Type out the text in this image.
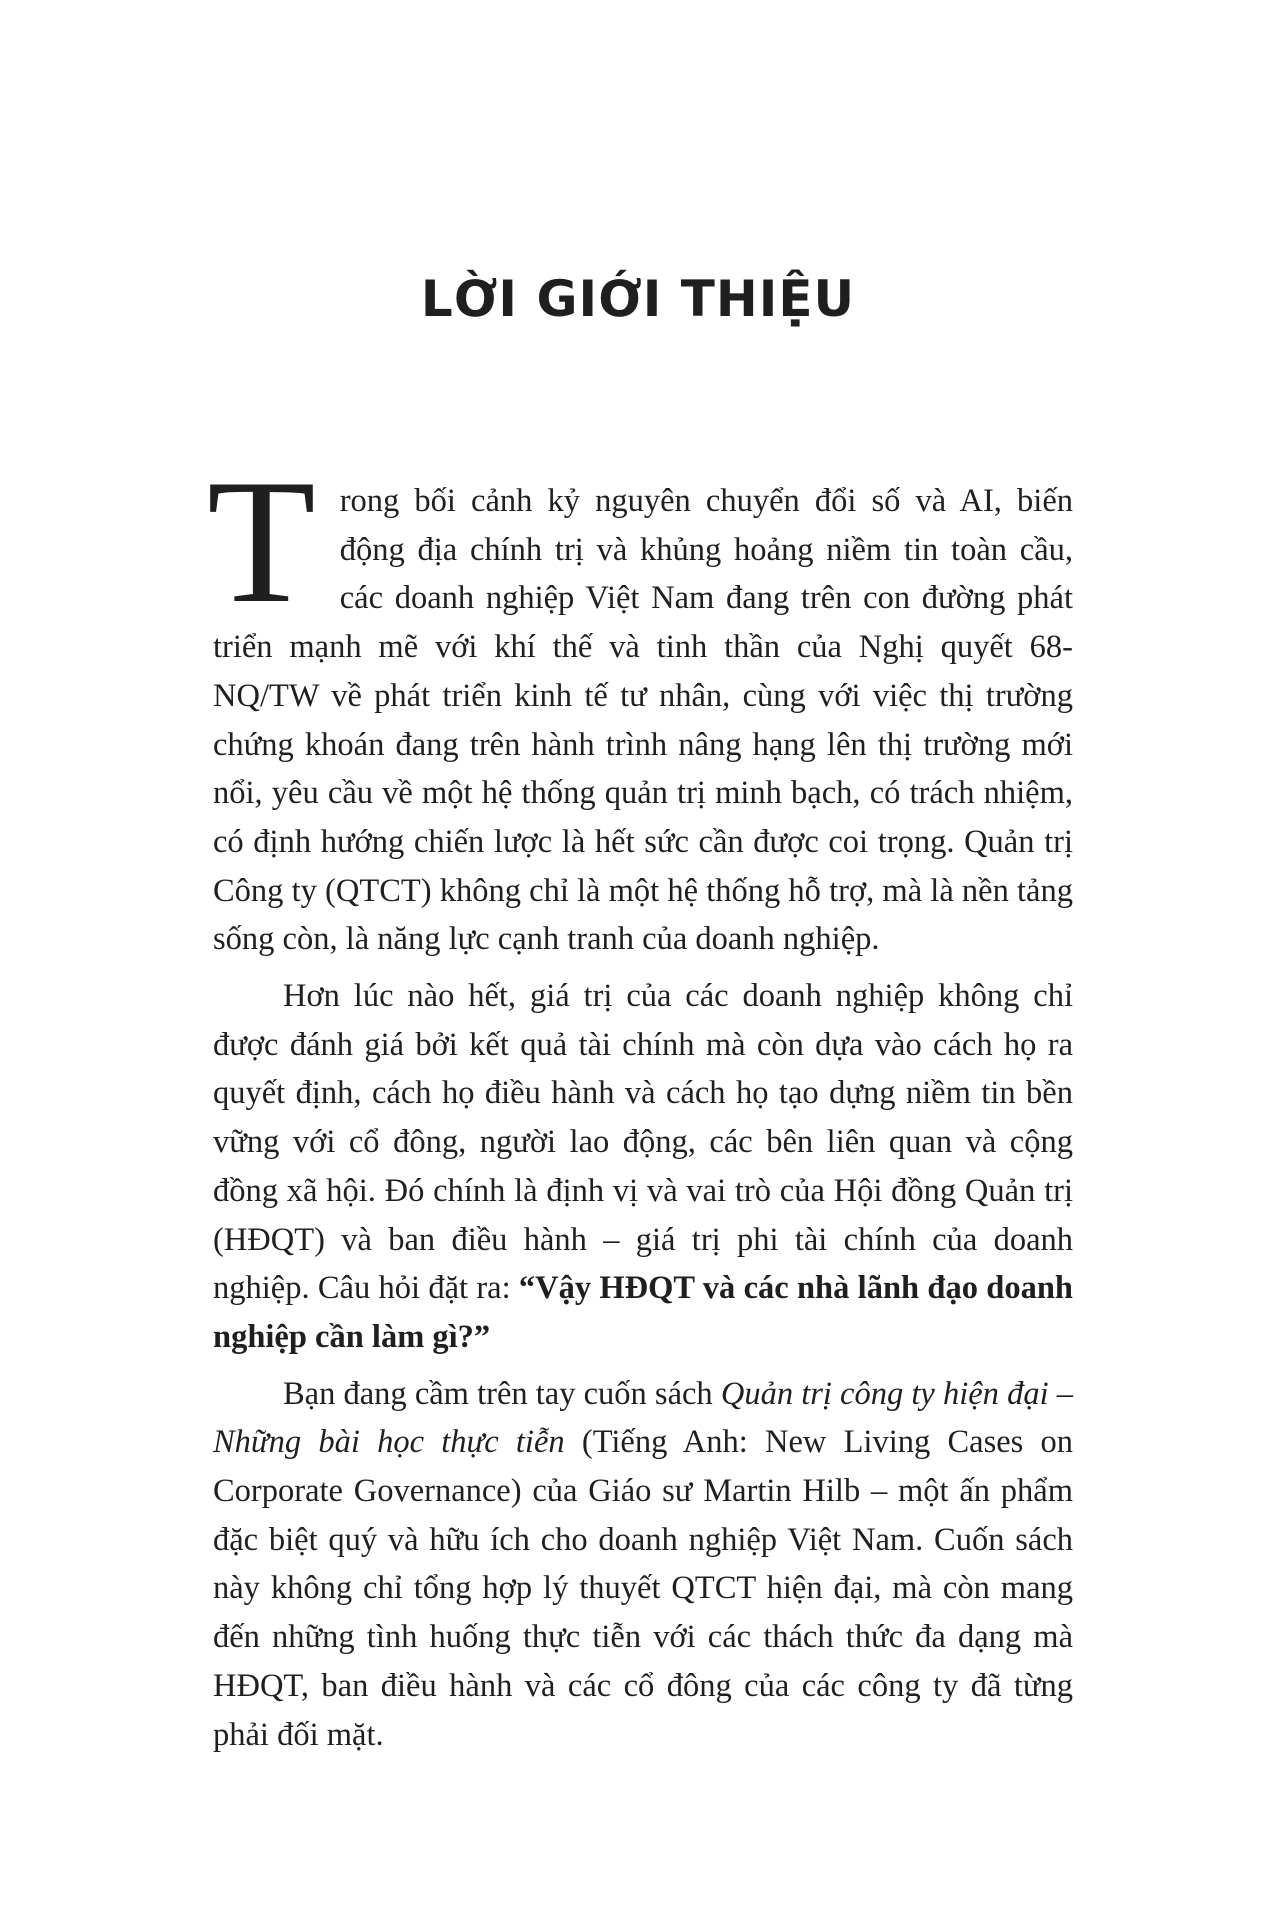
LỜI GIỚI THIỆU

Trong bối cảnh kỷ nguyên chuyển đổi số và AI, biến động địa chính trị và khủng hoảng niềm tin toàn cầu, các doanh nghiệp Việt Nam đang trên con đường phát triển mạnh mẽ với khí thế và tinh thần của Nghị quyết 68-NQ/TW về phát triển kinh tế tư nhân, cùng với việc thị trường chứng khoán đang trên hành trình nâng hạng lên thị trường mới nổi, yêu cầu về một hệ thống quản trị minh bạch, có trách nhiệm, có định hướng chiến lược là hết sức cần được coi trọng. Quản trị Công ty (QTCT) không chỉ là một hệ thống hỗ trợ, mà là nền tảng sống còn, là năng lực cạnh tranh của doanh nghiệp.

Hơn lúc nào hết, giá trị của các doanh nghiệp không chỉ được đánh giá bởi kết quả tài chính mà còn dựa vào cách họ ra quyết định, cách họ điều hành và cách họ tạo dựng niềm tin bền vững với cổ đông, người lao động, các bên liên quan và cộng đồng xã hội. Đó chính là định vị và vai trò của Hội đồng Quản trị (HĐQT) và ban điều hành – giá trị phi tài chính của doanh nghiệp. Câu hỏi đặt ra: “Vậy HĐQT và các nhà lãnh đạo doanh nghiệp cần làm gì?”

Bạn đang cầm trên tay cuốn sách Quản trị công ty hiện đại – Những bài học thực tiễn (Tiếng Anh: New Living Cases on Corporate Governance) của Giáo sư Martin Hilb – một ấn phẩm đặc biệt quý và hữu ích cho doanh nghiệp Việt Nam. Cuốn sách này không chỉ tổng hợp lý thuyết QTCT hiện đại, mà còn mang đến những tình huống thực tiễn với các thách thức đa dạng mà HĐQT, ban điều hành và các cổ đông của các công ty đã từng phải đối mặt.
